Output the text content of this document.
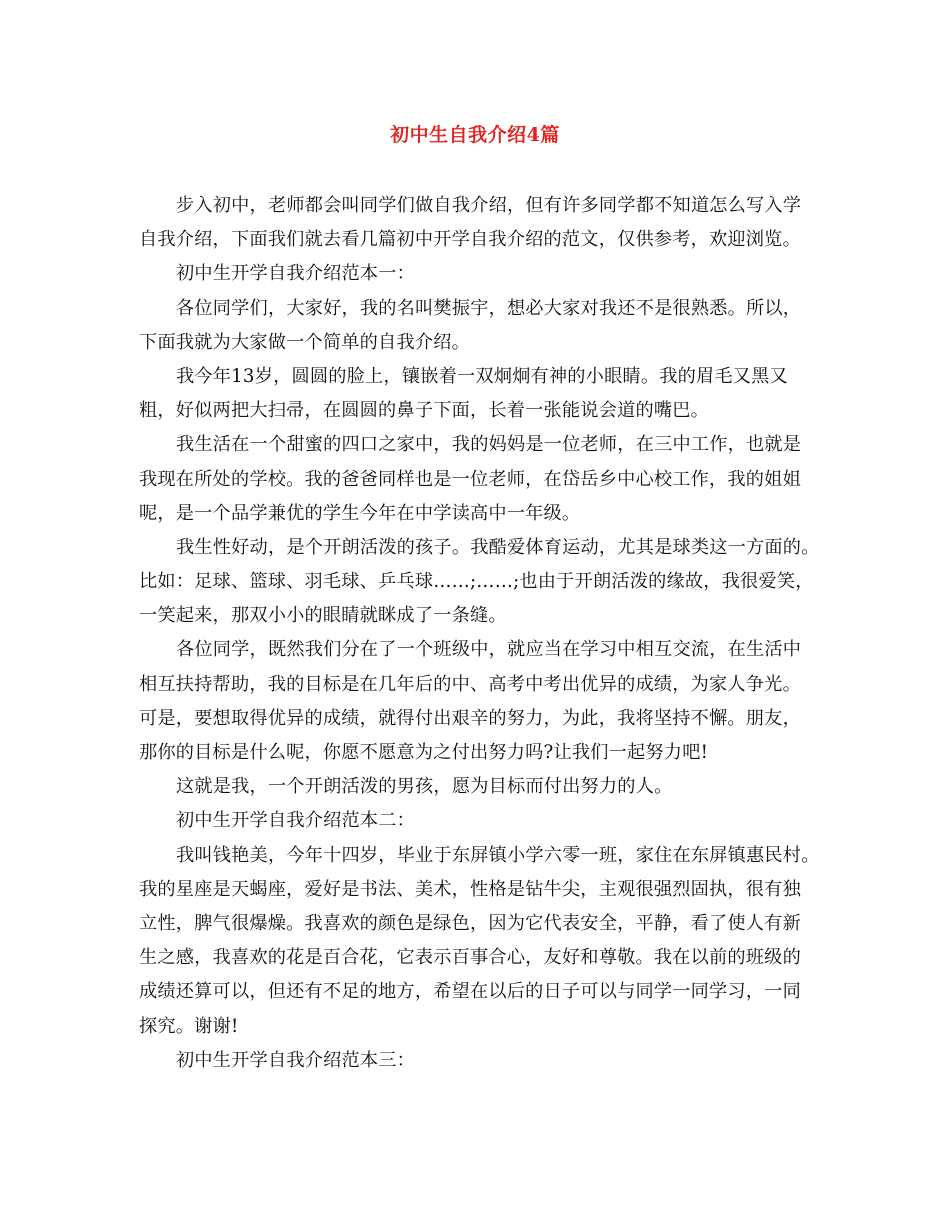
初中生自我介绍4篇
步入初中，老师都会叫同学们做自我介绍，但有许多同学都不知道怎么写入学
自我介绍，下面我们就去看几篇初中开学自我介绍的范文，仅供参考，欢迎浏览。
初中生开学自我介绍范本一：
各位同学们，大家好，我的名叫樊振宇，想必大家对我还不是很熟悉。所以，
下面我就为大家做一个简单的自我介绍。
我今年13岁，圆圆的脸上，镶嵌着一双炯炯有神的小眼睛。我的眉毛又黑又
粗，好似两把大扫帚，在圆圆的鼻子下面，长着一张能说会道的嘴巴。
我生活在一个甜蜜的四口之家中，我的妈妈是一位老师，在三中工作，也就是
我现在所处的学校。我的爸爸同样也是一位老师，在岱岳乡中心校工作，我的姐姐
呢，是一个品学兼优的学生今年在中学读高中一年级。
我生性好动，是个开朗活泼的孩子。我酷爱体育运动，尤其是球类这一方面的。
比如：足球、篮球、羽毛球、乒乓球……;……;也由于开朗活泼的缘故，我很爱笑，
一笑起来，那双小小的眼睛就眯成了一条缝。
各位同学，既然我们分在了一个班级中，就应当在学习中相互交流，在生活中
相互扶持帮助，我的目标是在几年后的中、高考中考出优异的成绩，为家人争光。
可是，要想取得优异的成绩，就得付出艰辛的努力，为此，我将坚持不懈。朋友，
那你的目标是什么呢，你愿不愿意为之付出努力吗?让我们一起努力吧!
这就是我，一个开朗活泼的男孩，愿为目标而付出努力的人。
初中生开学自我介绍范本二：
我叫钱艳美，今年十四岁，毕业于东屏镇小学六零一班，家住在东屏镇惠民村。
我的星座是天蝎座，爱好是书法、美术，性格是钻牛尖，主观很强烈固执，很有独
立性，脾气很爆燥。我喜欢的颜色是绿色，因为它代表安全，平静，看了使人有新
生之感，我喜欢的花是百合花，它表示百事合心，友好和尊敬。我在以前的班级的
成绩还算可以，但还有不足的地方，希望在以后的日子可以与同学一同学习，一同
探究。谢谢!
初中生开学自我介绍范本三：
